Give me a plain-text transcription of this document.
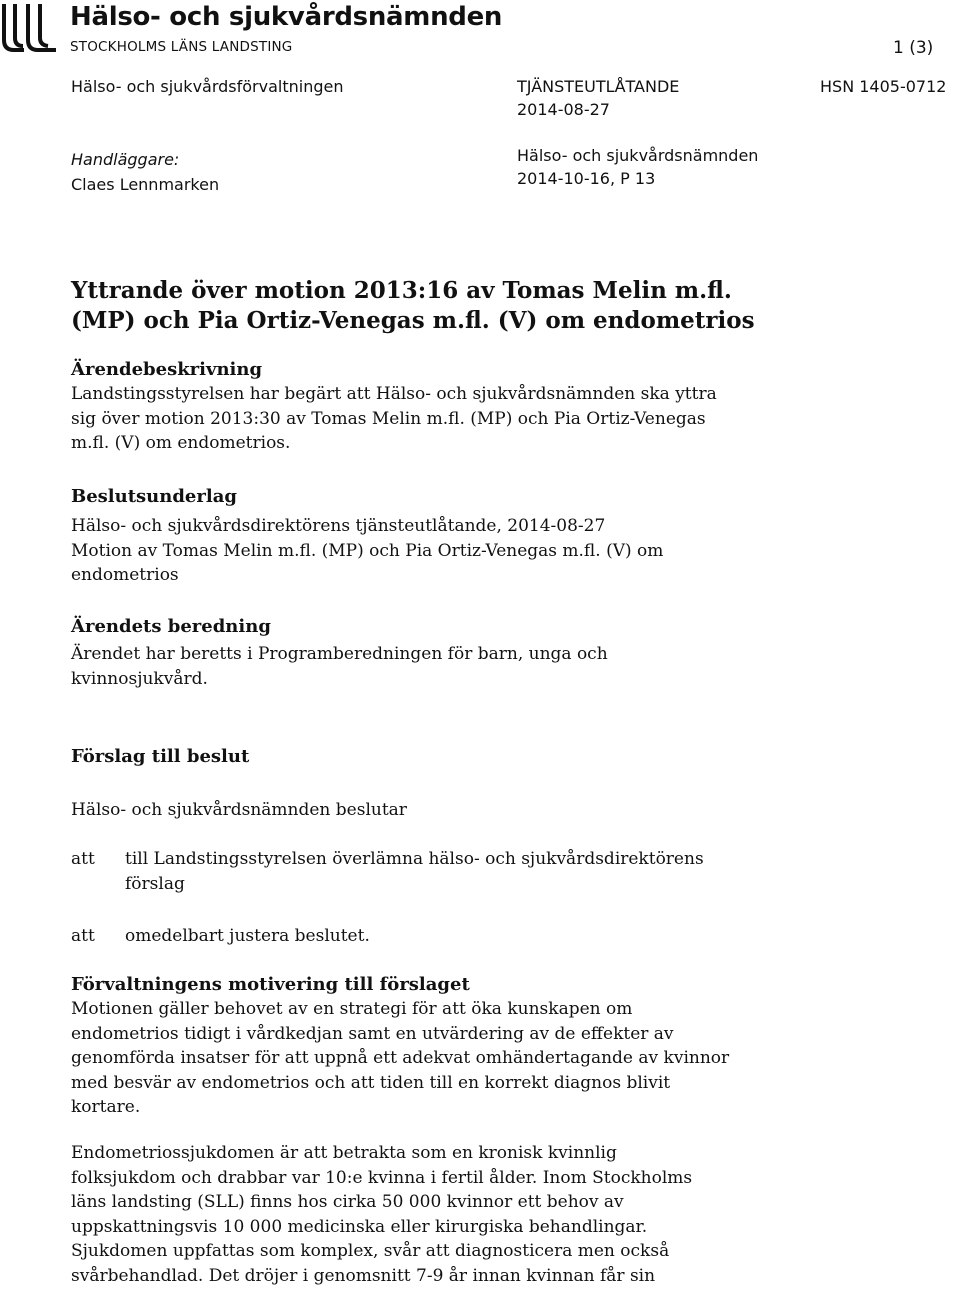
Hälso- och sjukvårdsnämnden
STOCKHOLMS LÄNS LANDSTING	1 (3)
Hälso- och sjukvårdsförvaltningen	TJÄNSTEUTLÅTANDE
2014-08-27
HSN 1405-0712
Handläggare:
Claes Lennmarken
Hälso- och sjukvårdsnämnden
2014-10-16, P 13
Yttrande över motion 2013:16 av Tomas Melin m.fl.
(MP) och Pia Ortiz-Venegas m.fl. (V) om endometrios
Ärendebeskrivning
Landstingsstyrelsen har begärt att Hälso- och sjukvårdsnämnden ska yttra
sig över motion 2013:30 av Tomas Melin m.fl. (MP) och Pia Ortiz-Venegas
m.fl. (V) om endometrios.
Beslutsunderlag
Hälso- och sjukvårdsdirektörens tjänsteutlåtande, 2014-08-27
Motion av Tomas Melin m.fl. (MP) och Pia Ortiz-Venegas m.fl. (V) om
endometrios
Ärendets beredning
Ärendet har beretts i Programberedningen för barn, unga och
kvinnosjukvård.
Förslag till beslut
Hälso- och sjukvårdsnämnden beslutar
att till Landstingsstyrelsen överlämna hälso- och sjukvårdsdirektörens
förslag
att omedelbart justera beslutet.
Förvaltningens motivering till förslaget
Motionen gäller behovet av en strategi för att öka kunskapen om
endometrios tidigt i vårdkedjan samt en utvärdering av de effekter av
genomförda insatser för att uppnå ett adekvat omhändertagande av kvinnor
med besvär av endometrios och att tiden till en korrekt diagnos blivit
kortare.
Endometriossjukdomen är att betrakta som en kronisk kvinnlig
folksjukdom och drabbar var 10:e kvinna i fertil ålder. Inom Stockholms
läns landsting (SLL) finns hos cirka 50 000 kvinnor ett behov av
uppskattningsvis 10 000 medicinska eller kirurgiska behandlingar.
Sjukdomen uppfattas som komplex, svår att diagnosticera men också
svårbehandlad. Det dröjer i genomsnitt 7-9 år innan kvinnan får sin
